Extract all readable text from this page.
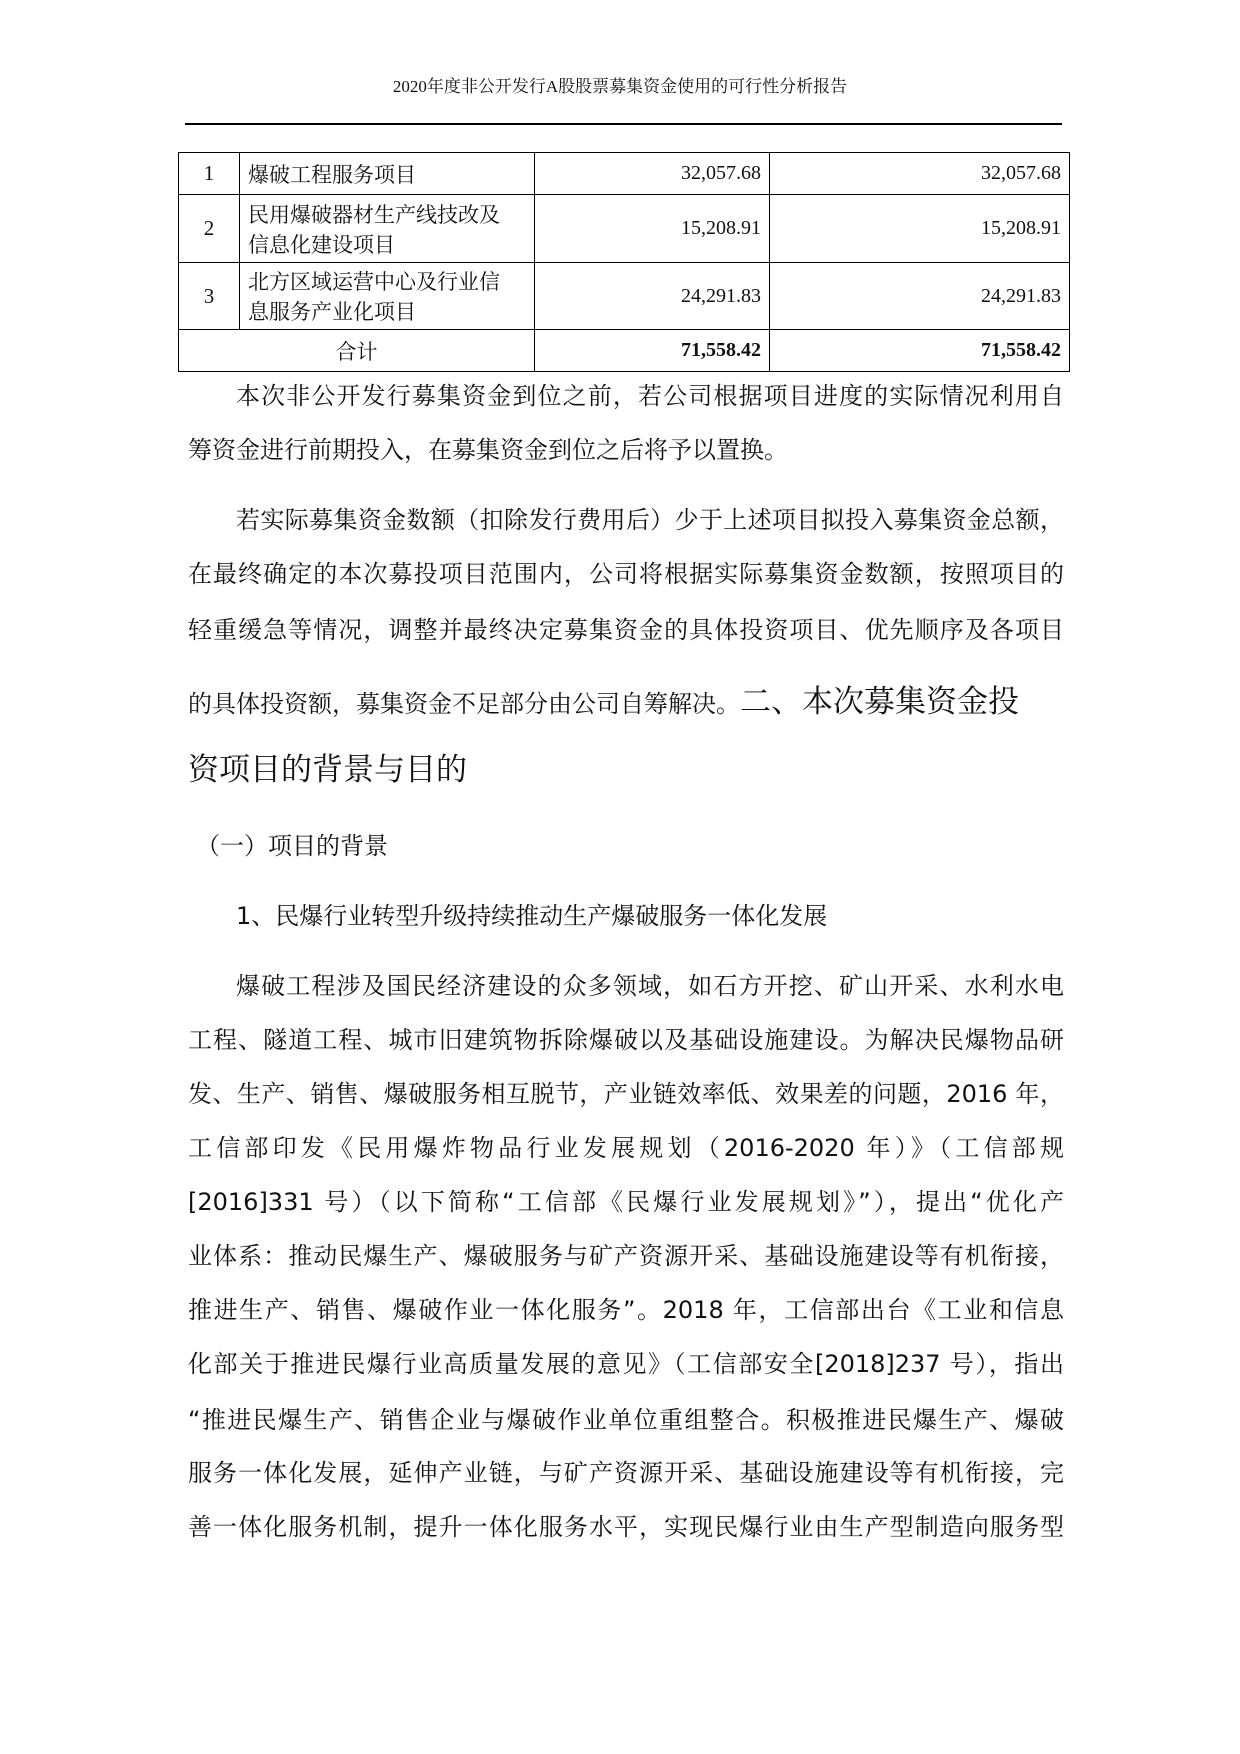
2020年度非公开发行A股股票募集资金使用的可行性分析报告
1	爆破工程服务项目	32,057.68	32,057.68
2	民用爆破器材生产线技改及
信息化建设项目	15,208.91	15,208.91
3	北方区域运营中心及行业信
息服务产业化项目	24,291.83	24,291.83
合计		71,558.42	71,558.42
本次非公开发行募集资金到位之前，若公司根据项目进度的实际情况利用自
筹资金进行前期投入，在募集资金到位之后将予以置换。
若实际募集资金数额（扣除发行费用后）少于上述项目拟投入募集资金总额，
在最终确定的本次募投项目范围内，公司将根据实际募集资金数额，按照项目的
轻重缓急等情况，调整并最终决定募集资金的具体投资项目、优先顺序及各项目
的具体投资额，募集资金不足部分由公司自筹解决。二、本次募集资金投
资项目的背景与目的
（一）项目的背景
1、民爆行业转型升级持续推动生产爆破服务一体化发展
爆破工程涉及国民经济建设的众多领域，如石方开挖、矿山开采、水利水电
工程、隧道工程、城市旧建筑物拆除爆破以及基础设施建设。为解决民爆物品研
发、生产、销售、爆破服务相互脱节，产业链效率低、效果差的问题，2016 年，
工信部印发《民用爆炸物品行业发展规划（2016-2020 年）》（工信部规
[2016]331 号）（以下简称“工信部《民爆行业发展规划》”），提出“优化产
业体系：推动民爆生产、爆破服务与矿产资源开采、基础设施建设等有机衔接，
推进生产、销售、爆破作业一体化服务”。2018 年，工信部出台《工业和信息
化部关于推进民爆行业高质量发展的意见》（工信部安全[2018]237 号），指出
“推进民爆生产、销售企业与爆破作业单位重组整合。积极推进民爆生产、爆破
服务一体化发展，延伸产业链，与矿产资源开采、基础设施建设等有机衔接，完
善一体化服务机制，提升一体化服务水平，实现民爆行业由生产型制造向服务型
